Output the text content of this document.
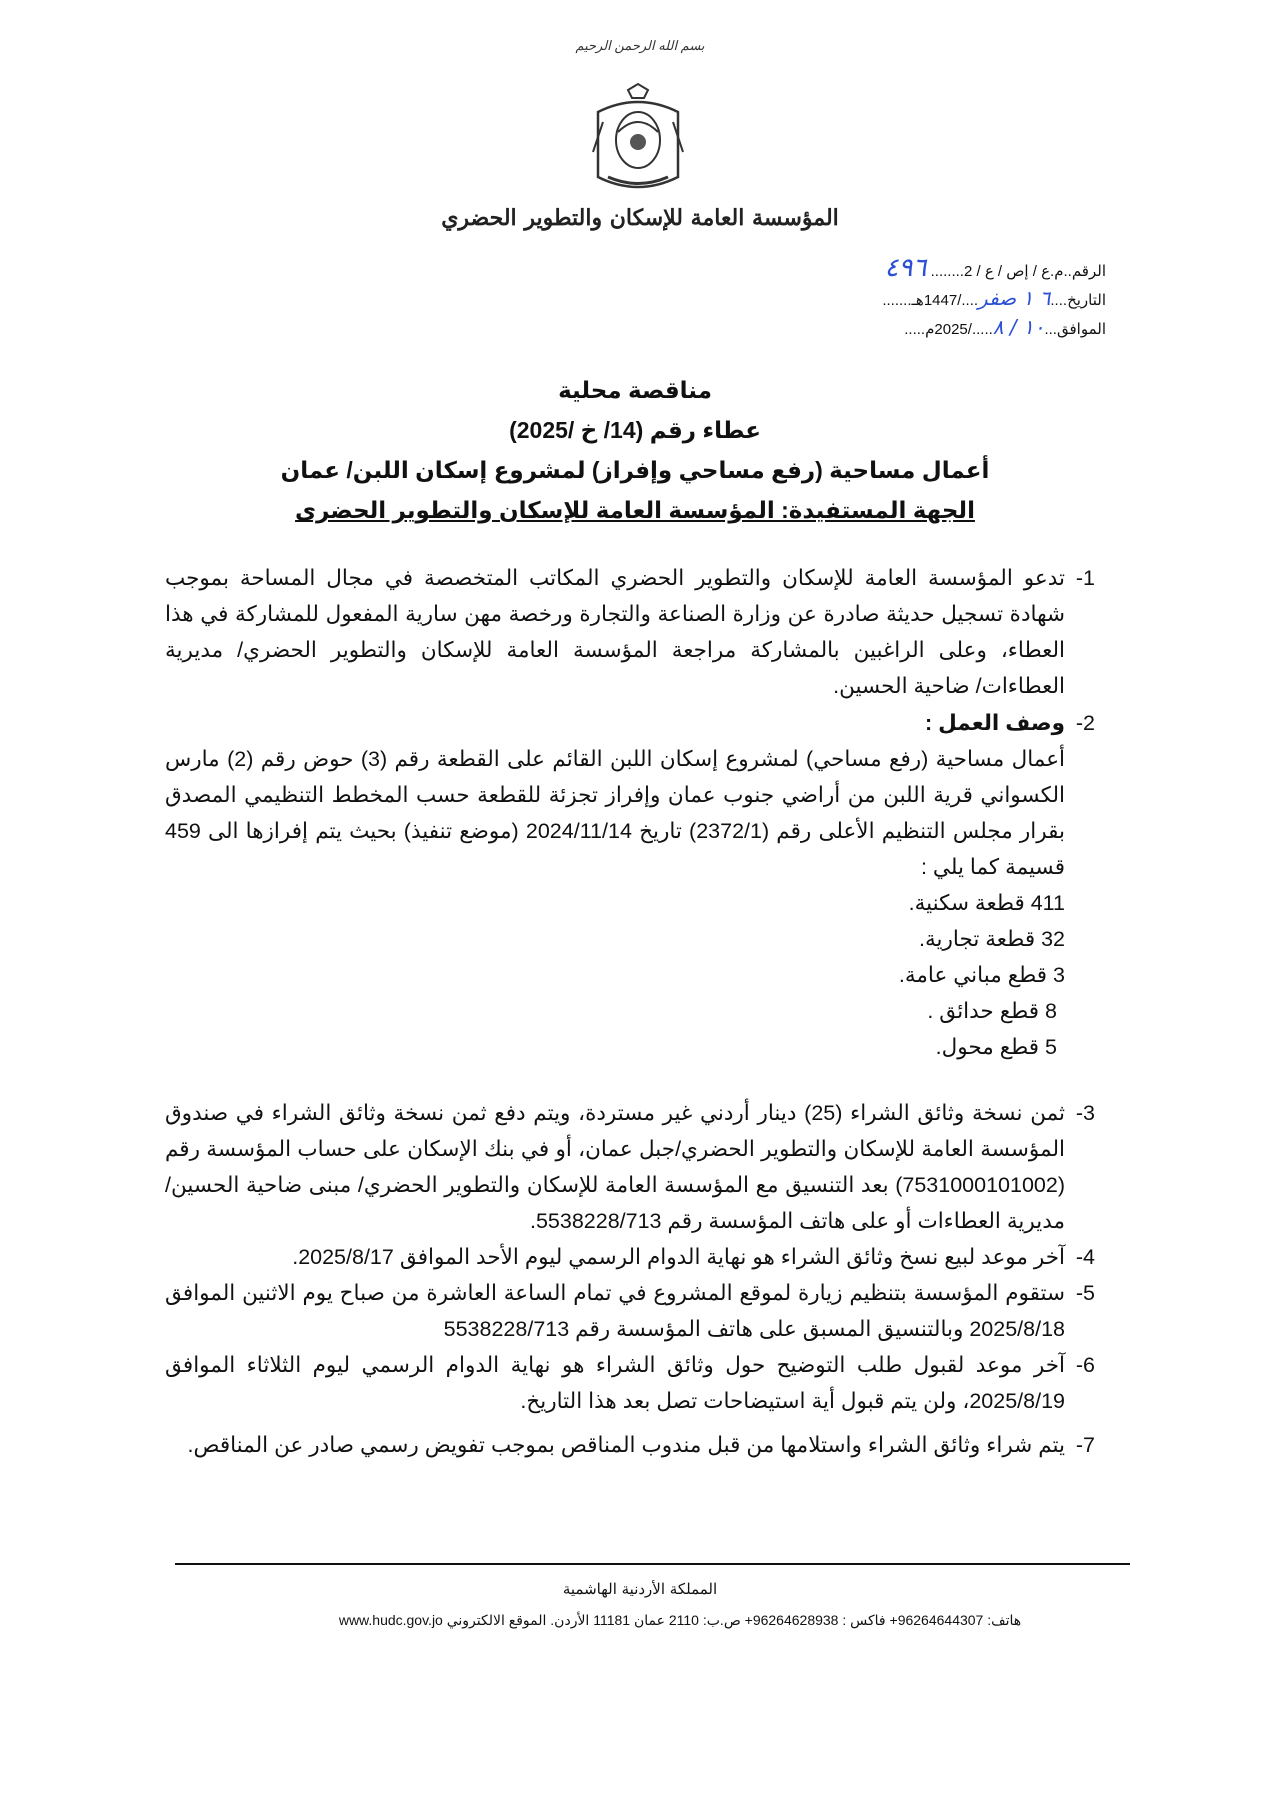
بسم الله الرحمن الرحيم
المؤسسة العامة للإسكان والتطوير الحضري
الرقم..م.ع / إص / ع / 2........ ٤٩٦
التاريخ....٦ ١ صفر..../1447هـ.......
الموافق...١٠ / ٨...../2025م.....
مناقصة محلية
عطاء رقم (14/ خ /2025)
أعمال مساحية (رفع مساحي وإفراز) لمشروع إسكان اللبن/ عمان
الجهة المستفيدة: المؤسسة العامة للإسكان والتطوير الحضرى
1-
تدعو المؤسسة العامة للإسكان والتطوير الحضري المكاتب المتخصصة في مجال المساحة بموجب شهادة تسجيل حديثة صادرة عن وزارة الصناعة والتجارة ورخصة مهن سارية المفعول للمشاركة في هذا العطاء، وعلى الراغبين بالمشاركة مراجعة المؤسسة العامة للإسكان والتطوير الحضري/ مديرية العطاءات/ ضاحية الحسين.
2-
وصف العمل :
أعمال مساحية (رفع مساحي) لمشروع إسكان اللبن القائم على القطعة رقم (3) حوض رقم (2) مارس الكسواني قرية اللبن من أراضي جنوب عمان وإفراز تجزئة للقطعة حسب المخطط التنظيمي المصدق بقرار مجلس التنظيم الأعلى رقم (2372/1) تاريخ 2024/11/14 (موضع تنفيذ) بحيث يتم إفرازها الى 459 قسيمة كما يلي :
411 قطعة سكنية.
32 قطعة تجارية.
3 قطع مباني عامة.
8 قطع حدائق .
5 قطع محول.
3-
ثمن نسخة وثائق الشراء (25) دينار أردني غير مستردة، ويتم دفع ثمن نسخة وثائق الشراء في صندوق المؤسسة العامة للإسكان والتطوير الحضري/جبل عمان، أو في بنك الإسكان على حساب المؤسسة رقم (7531000101002) بعد التنسيق مع المؤسسة العامة للإسكان والتطوير الحضري/ مبنى ضاحية الحسين/ مديرية العطاءات أو على هاتف المؤسسة رقم 5538228/713.
4-
آخر موعد لبيع نسخ وثائق الشراء هو نهاية الدوام الرسمي ليوم الأحد الموافق 2025/8/17.
5-
ستقوم المؤسسة بتنظيم زيارة لموقع المشروع في تمام الساعة العاشرة من صباح يوم الاثنين الموافق 2025/8/18 وبالتنسيق المسبق على هاتف المؤسسة رقم 5538228/713
6-
آخر موعد لقبول طلب التوضيح حول وثائق الشراء هو نهاية الدوام الرسمي ليوم الثلاثاء الموافق 2025/8/19، ولن يتم قبول أية استيضاحات تصل بعد هذا التاريخ.
7-
يتم شراء وثائق الشراء واستلامها من قبل مندوب المناقص بموجب تفويض رسمي صادر عن المناقص.
المملكة الأردنية الهاشمية
هاتف: 96264644307+ فاكس : 96264628938+ ص.ب: 2110 عمان 11181 الأردن. الموقع الالكتروني www.hudc.gov.jo
